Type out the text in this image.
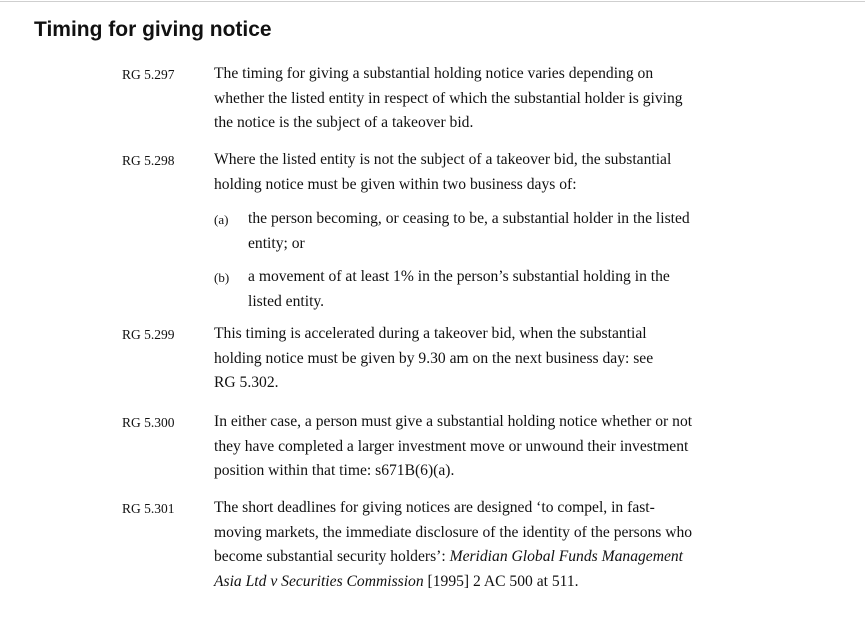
Timing for giving notice
RG 5.297	The timing for giving a substantial holding notice varies depending on
whether the listed entity in respect of which the substantial holder is giving
the notice is the subject of a takeover bid.
RG 5.298	Where the listed entity is not the subject of a takeover bid, the substantial
holding notice must be given within two business days of:
(a) the person becoming, or ceasing to be, a substantial holder in the listed
entity; or
(b) a movement of at least 1% in the person’s substantial holding in the
listed entity.
RG 5.299	This timing is accelerated during a takeover bid, when the substantial
holding notice must be given by 9.30 am on the next business day: see
RG 5.302.
RG 5.300	In either case, a person must give a substantial holding notice whether or not
they have completed a larger investment move or unwound their investment
position within that time: s671B(6)(a).
RG 5.301	The short deadlines for giving notices are designed ‘to compel, in fast-
moving markets, the immediate disclosure of the identity of the persons who
become substantial security holders’: Meridian Global Funds Management
Asia Ltd v Securities Commission [1995] 2 AC 500 at 511.
